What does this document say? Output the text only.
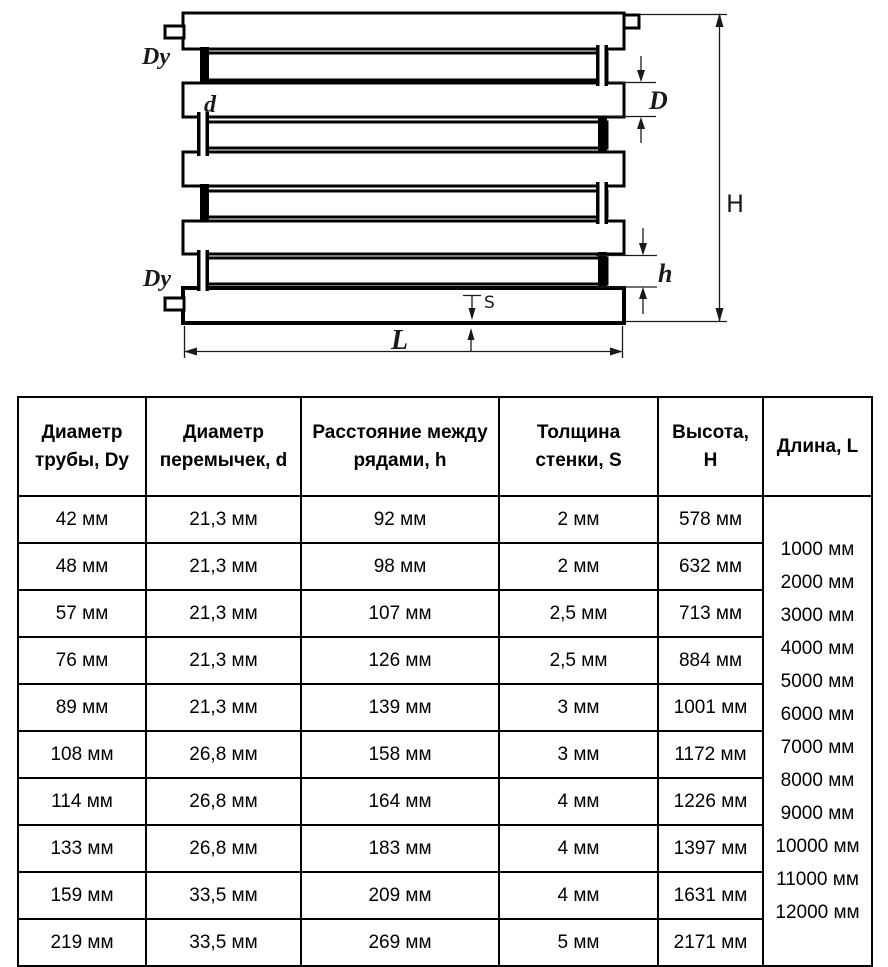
Dy
d	D
Dy	h
H
S
L
Диаметр трубы, Dy	Диаметр перемычек, d	Расстояние между рядами, h	Толщина стенки, S	Высота, H	Длина, L
42 мм	21,3 мм	92 мм	2 мм	578 мм	
1000 мм
2000 мм
3000 мм
4000 мм
5000 мм
6000 мм
7000 мм
8000 мм
9000 мм
10000 мм
11000 мм
12000 мм

48 мм	21,3 мм	98 мм	2 мм	632 мм	
57 мм	21,3 мм	107 мм	2,5 мм	713 мм	
76 мм	21,3 мм	126 мм	2,5 мм	884 мм	
89 мм	21,3 мм	139 мм	3 мм	1001 мм	
108 мм	26,8 мм	158 мм	3 мм	1172 мм	
114 мм	26,8 мм	164 мм	4 мм	1226 мм	
133 мм	26,8 мм	183 мм	4 мм	1397 мм	
159 мм	33,5 мм	209 мм	4 мм	1631 мм	
219 мм	33,5 мм	269 мм	5 мм	2171 мм	
